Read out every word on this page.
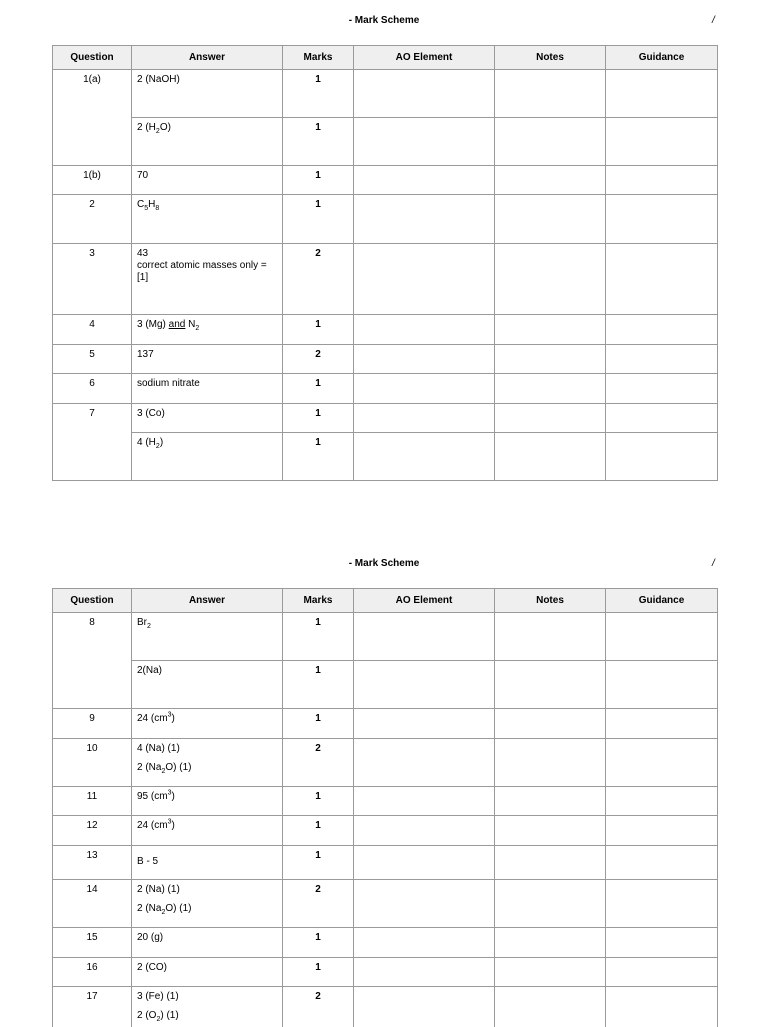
- Mark Scheme	/
Question	Answer	Marks	AO Element	Notes	Guidance

1(a)	2 (NaOH)	1			

	2 $(H_2O)$	1			

1(b)	70	1			

2	$C_5H_8$	1			

3	43
correct atomic masses only =
[1]	2			

4	3 (Mg) and $N_2$	1			

5	137	2			

6	sodium nitrate	1			

7	3 (Co)	1			

	4 $(H_2)$	1			

- Mark Scheme	/
Question	Answer	Marks	AO Element	Notes	Guidance

8	$Br_2$	1			

	2(Na)	1			

9	24 $(cm^3)$	1			

10	4 (Na) (1)
2 $(Na_2O)$ (1)	2			

11	95 $(cm^3)$	1			

12	24 $(cm^3)$	1			

13	B - 5	1			

14	2 (Na) (1)
2 $(Na_2O)$ (1)	2			

15	20 (g)	1			

16	2 (CO)	1			

17	3 (Fe) (1)
2 $(O_2)$ (1)	2			
